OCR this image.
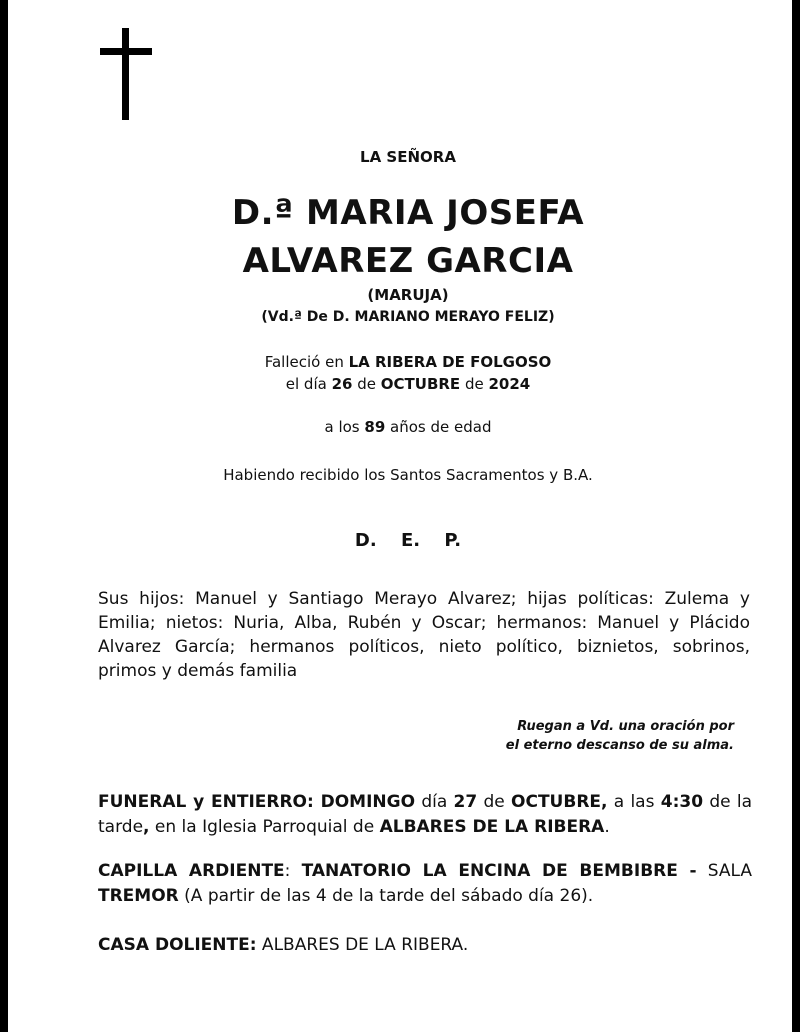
LA SEÑORA
D.ª MARIA JOSEFA
ALVAREZ GARCIA
(MARUJA)
(Vd.ª De D. MARIANO MERAYO FELIZ)
Falleció en LA RIBERA DE FOLGOSO
el día 26 de OCTUBRE de 2024
a los 89 años de edad
Habiendo recibido los Santos Sacramentos y B.A.
D. E. P.
Sus hijos: Manuel y Santiago Merayo Alvarez; hijas políticas: Zulema y Emilia; nietos: Nuria, Alba, Rubén y Oscar; hermanos: Manuel y Plácido Alvarez García; hermanos políticos, nieto político, biznietos, sobrinos, primos y demás familia
Ruegan a Vd. una oración por
el eterno descanso de su alma.
FUNERAL y ENTIERRO: DOMINGO día 27 de OCTUBRE, a las 4:30 de la tarde, en la Iglesia Parroquial de ALBARES DE LA RIBERA.
CAPILLA ARDIENTE: TANATORIO LA ENCINA DE BEMBIBRE - SALA TREMOR (A partir de las 4 de la tarde del sábado día 26).
CASA DOLIENTE: ALBARES DE LA RIBERA.
